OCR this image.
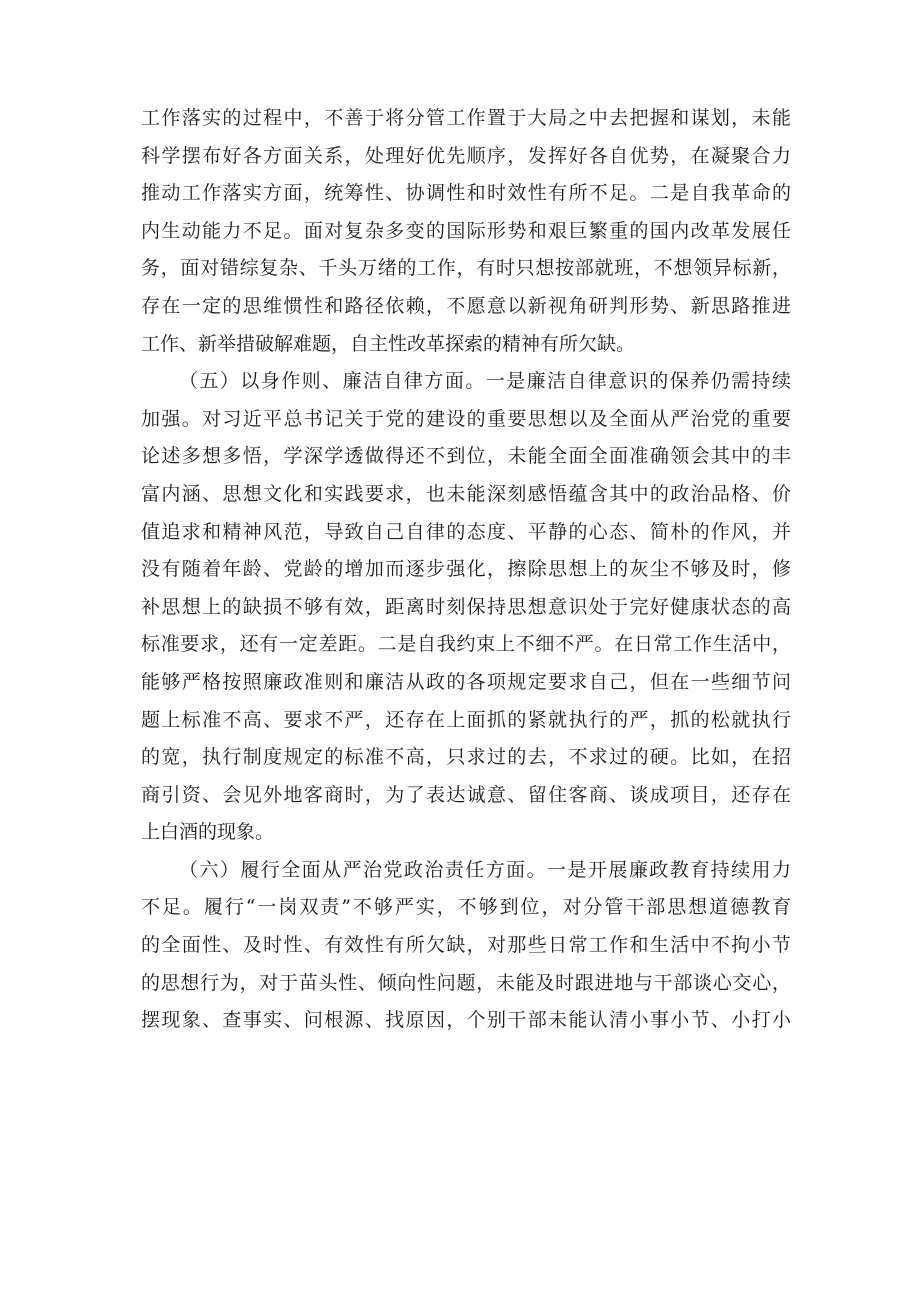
工作落实的过程中，不善于将分管工作置于大局之中去把握和谋划，未能
科学摆布好各方面关系，处理好优先顺序，发挥好各自优势，在凝聚合力
推动工作落实方面，统筹性、协调性和时效性有所不足。二是自我革命的
内生动能力不足。面对复杂多变的国际形势和艰巨繁重的国内改革发展任
务，面对错综复杂、千头万绪的工作，有时只想按部就班，不想领异标新，
存在一定的思维惯性和路径依赖，不愿意以新视角研判形势、新思路推进
工作、新举措破解难题，自主性改革探索的精神有所欠缺。
（五）以身作则、廉洁自律方面。一是廉洁自律意识的保养仍需持续
加强。对习近平总书记关于党的建设的重要思想以及全面从严治党的重要
论述多想多悟，学深学透做得还不到位，未能全面全面准确领会其中的丰
富内涵、思想文化和实践要求，也未能深刻感悟蕴含其中的政治品格、价
值追求和精神风范，导致自己自律的态度、平静的心态、简朴的作风，并
没有随着年龄、党龄的增加而逐步强化，擦除思想上的灰尘不够及时，修
补思想上的缺损不够有效，距离时刻保持思想意识处于完好健康状态的高
标准要求，还有一定差距。二是自我约束上不细不严。在日常工作生活中，
能够严格按照廉政准则和廉洁从政的各项规定要求自己，但在一些细节问
题上标准不高、要求不严，还存在上面抓的紧就执行的严，抓的松就执行
的宽，执行制度规定的标准不高，只求过的去，不求过的硬。比如，在招
商引资、会见外地客商时，为了表达诚意、留住客商、谈成项目，还存在
上白酒的现象。
（六）履行全面从严治党政治责任方面。一是开展廉政教育持续用力
不足。履行“一岗双责”不够严实，不够到位，对分管干部思想道德教育
的全面性、及时性、有效性有所欠缺，对那些日常工作和生活中不拘小节
的思想行为，对于苗头性、倾向性问题，未能及时跟进地与干部谈心交心，
摆现象、查事实、问根源、找原因，个别干部未能认清小事小节、小打小
